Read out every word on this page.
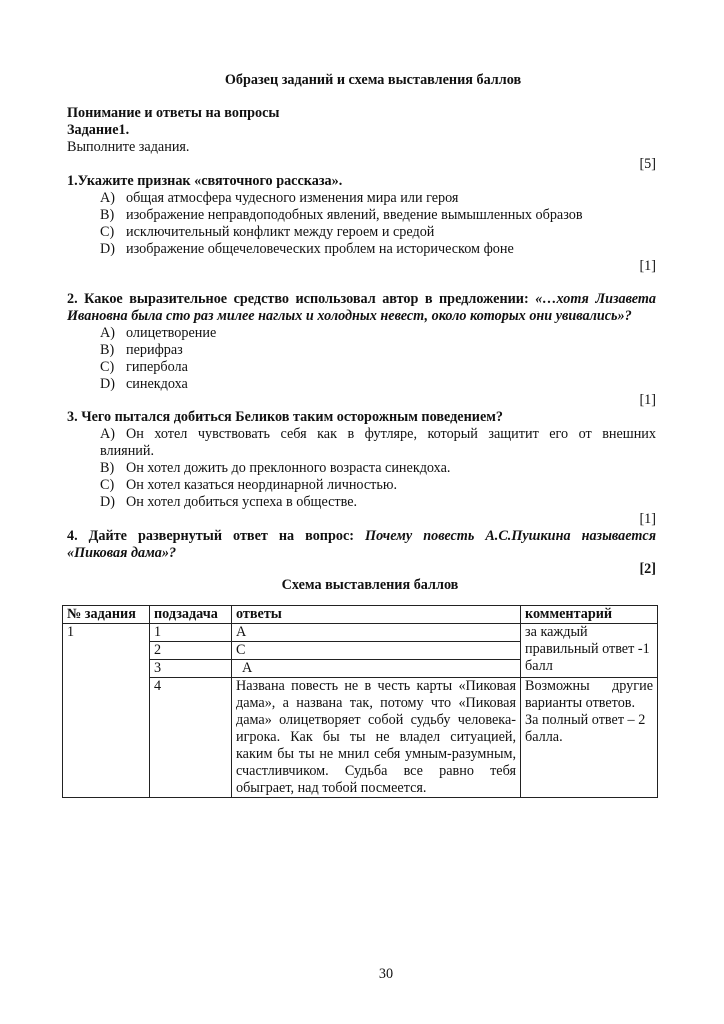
Образец заданий и схема выставления баллов
Понимание и ответы на вопросы
Задание1.
Выполните задания.
[5]
1.Укажите признак «святочного рассказа».
A) общая атмосфера чудесного изменения мира или героя
B) изображение неправдоподобных явлений, введение вымышленных образов
C) исключительный конфликт между героем и средой
D) изображение общечеловеческих проблем на историческом фоне
[1]
2. Какое выразительное средство использовал автор в предложении: «…хотя Лизавета
Ивановна была сто раз милее наглых и холодных невест, около которых они увивались»?
A) олицетворение
B) перифраз
C) гипербола
D) синекдоха
[1]
3. Чего пытался добиться Беликов таким осторожным поведением?
A) Он хотел чувствовать себя как в футляре, который защитит его от внешних
влияний.
B) Он хотел дожить до преклонного возраста синекдоха.
C) Он хотел казаться неординарной личностью.
D) Он хотел добиться успеха в обществе.
[1]
4. Дайте развернутый ответ на вопрос: Почему повесть А.С.Пушкина называется
«Пиковая дама»?
[2]
Схема выставления баллов
№ задания	подзадача	ответы	комментарий
1	1	A	за каждый правильный ответ -1 балл
	2	C	
	3	A	
	4	Названа повесть не в честь карты «Пиковая дама», а названа так, потому что «Пиковая дама» олицетворяет собой судьбу человека-игрока. Как бы ты не владел ситуацией, каким бы ты не мнил себя умным-разумным, счастливчиком. Судьба все равно тебя обыграет, над тобой посмеется.	Возможны другие варианты ответов.
За полный ответ – 2 балла.
30
